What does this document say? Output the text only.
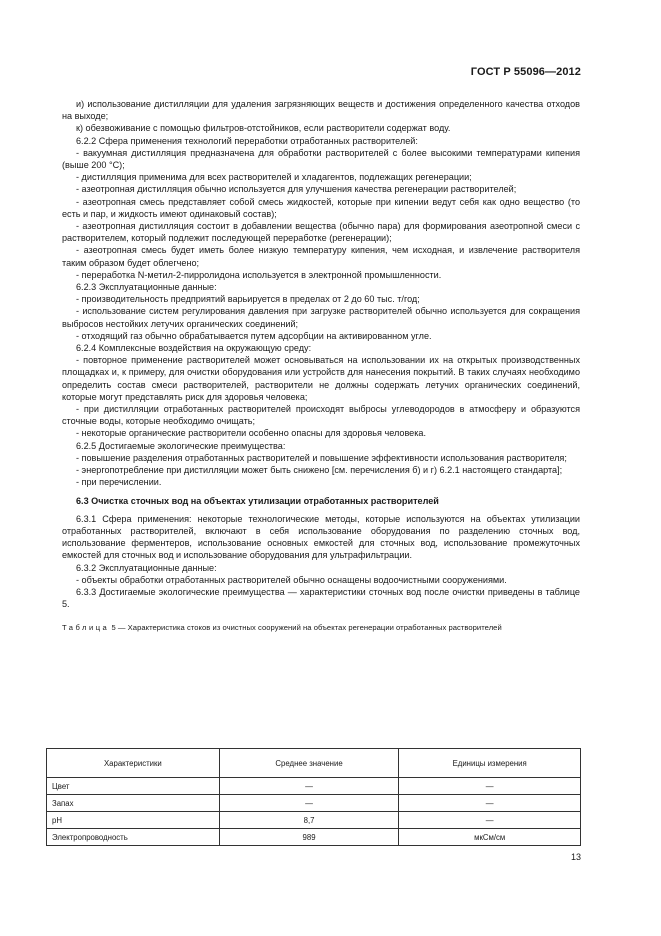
ГОСТ Р 55096—2012

и) использование дистилляции для удаления загрязняющих веществ и достижения определенного качества отходов на выходе;

к) обезвоживание с помощью фильтров-отстойников, если растворители содержат воду.

6.2.2 Сфера применения технологий переработки отработанных растворителей:

- вакуумная дистилляция предназначена для обработки растворителей с более высокими температурами кипения (выше 200 °С);

- дистилляция применима для всех растворителей и хладагентов, подлежащих регенерации;

- азеотропная дистилляция обычно используется для улучшения качества регенерации растворителей;

- азеотропная смесь представляет собой смесь жидкостей, которые при кипении ведут себя как одно вещество (то есть и пар, и жидкость имеют одинаковый состав);

- азеотропная дистилляция состоит в добавлении вещества (обычно пара) для формирования азеотропной смеси с растворителем, который подлежит последующей переработке (регенерации);

- азеотропная смесь будет иметь более низкую температуру кипения, чем исходная, и извлечение растворителя таким образом будет облегчено;

- переработка N-метил-2-пирролидона используется в электронной промышленности.

6.2.3 Эксплуатационные данные:

- производительность предприятий варьируется в пределах от 2 до 60 тыс. т/год;

- использование систем регулирования давления при загрузке растворителей обычно используется для сокращения выбросов нестойких летучих органических соединений;

- отходящий газ обычно обрабатывается путем адсорбции на активированном угле.

6.2.4 Комплексные воздействия на окружающую среду:

- повторное применение растворителей может основываться на использовании их на открытых производственных площадках и, к примеру, для очистки оборудования или устройств для нанесения покрытий. В таких случаях необходимо определить состав смеси растворителей, растворители не должны содержать летучих органических соединений, которые могут представлять риск для здоровья человека;

- при дистилляции отработанных растворителей происходят выбросы углеводородов в атмосферу и образуются сточные воды, которые необходимо очищать;

- некоторые органические растворители особенно опасны для здоровья человека.

6.2.5 Достигаемые экологические преимущества:

- повышение разделения отработанных растворителей и повышение эффективности использования растворителя;

- энергопотребление при дистилляции может быть снижено [см. перечисления б) и г) 6.2.1 настоящего стандарта];

- при перечислении.

6.3 Очистка сточных вод на объектах утилизации отработанных растворителей

6.3.1 Сфера применения: некоторые технологические методы, которые используются на объектах утилизации отработанных растворителей, включают в себя использование оборудования по разделению сточных вод, использование ферментеров, использование основных емкостей для сточных вод, использование промежуточных емкостей для сточных вод и использование оборудования для ультрафильтрации.

6.3.2 Эксплуатационные данные:

- объекты обработки отработанных растворителей обычно оснащены водоочистными сооружениями.

6.3.3 Достигаемые экологические преимущества — характеристики сточных вод после очистки приведены в таблице 5.

Таблица 5 — Характеристика стоков из очистных сооружений на объектах регенерации отработанных растворителей

Характеристики	Среднее значение	Единицы измерения
Цвет	—	—
Запах	—	—
pH	8,7	—
Электропроводность	989	мкСм/см
13
